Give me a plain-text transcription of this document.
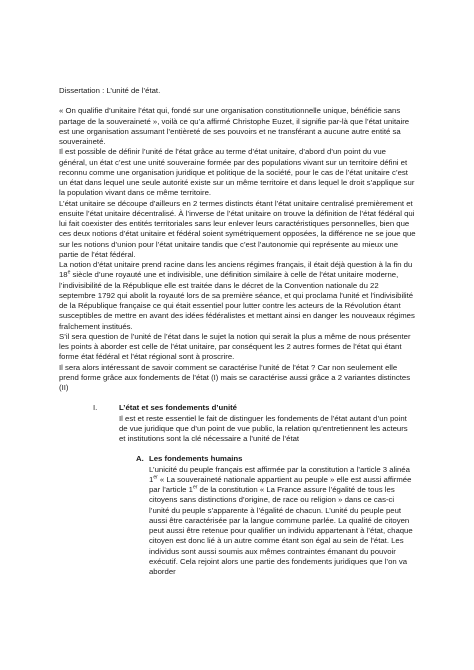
Dissertation : L’unité de l’état.

« On qualifie d’unitaire l’état qui, fondé sur une organisation constitutionnelle unique, bénéficie sans partage de la souveraineté », voilà ce qu’a affirmé Christophe Euzet, il signifie par-là que l’état unitaire est une organisation assumant l’entièreté de ses pouvoirs et ne transférant a aucune autre entité sa souveraineté.

Il est possible de définir l’unité de l’état grâce au terme d’état unitaire, d’abord d’un point du vue général, un état c’est une unité souveraine formée par des populations vivant sur un territoire défini et reconnu comme une organisation juridique et politique de la société, pour le cas de l’état unitaire c’est un état dans lequel une seule autorité existe sur un même territoire et dans lequel le droit s’applique sur la population vivant dans ce même territoire.

L’état unitaire se découpe d’ailleurs en 2 termes distincts étant l’état unitaire centralisé premièrement et ensuite l’état unitaire décentralisé. À l’inverse de l’état unitaire on trouve la définition de l’état fédéral qui lui fait coexister des entités territoriales sans leur enlever leurs caractéristiques personnelles, bien que ces deux notions d’état unitaire et fédéral soient symétriquement opposées, la différence ne se joue que sur les notions d’union pour l’état unitaire tandis que c’est l’autonomie qui représente au mieux une partie de l’état fédéral.

La notion d’état unitaire prend racine dans les anciens régimes français, il était déjà question à la fin du 18e siècle d’une royauté une et indivisible, une définition similaire à celle de l’état unitaire moderne, l’indivisibilité de la République elle est traitée dans le décret de la Convention nationale du 22 septembre 1792 qui abolit la royauté lors de sa première séance, et qui proclama l’unité et l’indivisibilité de la République française ce qui était essentiel pour lutter contre les acteurs de la Révolution étant susceptibles de mettre en avant des idées fédéralistes et mettant ainsi en danger les nouveaux régimes fraîchement institués.

S’il sera question de l’unité de l’état dans le sujet la notion qui serait la plus a même de nous présenter les points à aborder est celle de l’état unitaire, par conséquent les 2 autres formes de l’état qui étant forme état fédéral et l’état régional sont à proscrire.

Il sera alors intéressant de savoir comment se caractérise l’unité de l’état ? Car non seulement elle prend forme grâce aux fondements de l’état (I) mais se caractérise aussi grâce a 2 variantes distinctes (II)

I.	L’état et ses fondements d’unité

Il est et reste essentiel le fait de distinguer les fondements de l’état autant d’un point de vue juridique que d’un point de vue public, la relation qu’entretiennent les acteurs et institutions sont la clé nécessaire a l’unité de l’état

A. Les fondements humains

L’unicité du peuple français est affirmée par la constitution a l’article 3 alinéa 1er « La souveraineté nationale appartient au peuple » elle est aussi affirmée par l’article 1er de la constitution « La France assure l’égalité de tous les citoyens sans distinctions d’origine, de race ou religion » dans ce cas-ci l’unité du peuple s’apparente à l’égalité de chacun. L’unité du peuple peut aussi être caractérisée par la langue commune parlée. La qualité de citoyen peut aussi être retenue pour qualifier un individu appartenant à l’état, chaque citoyen est donc lié à un autre comme étant son égal au sein de l’état. Les individus sont aussi soumis aux mêmes contraintes émanant du pouvoir exécutif. Cela rejoint alors une partie des fondements juridiques que l’on va aborder
